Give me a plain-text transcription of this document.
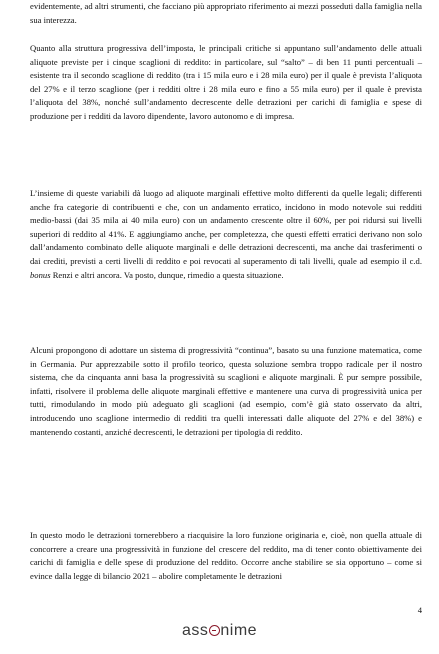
evidentemente, ad altri strumenti, che facciano più appropriato riferimento ai mezzi posseduti dalla famiglia nella sua interezza.

Quanto alla struttura progressiva dell’imposta, le principali critiche si appuntano sull’andamento delle attuali aliquote previste per i cinque scaglioni di reddito: in particolare, sul “salto” – di ben 11 punti percentuali – esistente tra il secondo scaglione di reddito (tra i 15 mila euro e i 28 mila euro) per il quale è prevista l’aliquota del 27% e il terzo scaglione (per i redditi oltre i 28 mila euro e fino a 55 mila euro) per il quale è prevista l’aliquota del 38%, nonché sull’andamento decrescente delle detrazioni per carichi di famiglia e spese di produzione per i redditi da lavoro dipendente, lavoro autonomo e di impresa.

L’insieme di queste variabili dà luogo ad aliquote marginali effettive molto differenti da quelle legali; differenti anche fra categorie di contribuenti e che, con un andamento erratico, incidono in modo notevole sui redditi medio-bassi (dai 35 mila ai 40 mila euro) con un andamento crescente oltre il 60%, per poi ridursi sui livelli superiori di reddito al 41%. E aggiungiamo anche, per completezza, che questi effetti erratici derivano non solo dall’andamento combinato delle aliquote marginali e delle detrazioni decrescenti, ma anche dai trasferimenti o dai crediti, previsti a certi livelli di reddito e poi revocati al superamento di tali livelli, quale ad esempio il c.d. bonus Renzi e altri ancora. Va posto, dunque, rimedio a questa situazione.

Alcuni propongono di adottare un sistema di progressività “continua”, basato su una funzione matematica, come in Germania. Pur apprezzabile sotto il profilo teorico, questa soluzione sembra troppo radicale per il nostro sistema, che da cinquanta anni basa la progressività su scaglioni e aliquote marginali. È pur sempre possibile, infatti, risolvere il problema delle aliquote marginali effettive e mantenere una curva di progressività unica per tutti, rimodulando in modo più adeguato gli scaglioni (ad esempio, com’è già stato osservato da altri, introducendo uno scaglione intermedio di redditi tra quelli interessati dalle aliquote del 27% e del 38%) e mantenendo costanti, anziché decrescenti, le detrazioni per tipologia di reddito.

In questo modo le detrazioni tornerebbero a riacquisire la loro funzione originaria e, cioè, non quella attuale di concorrere a creare una progressività in funzione del crescere del reddito, ma di tener conto obiettivamente dei carichi di famiglia e delle spese di produzione del reddito. Occorre anche stabilire se sia opportuno – come si evince dalla legge di bilancio 2021 – abolire completamente le detrazioni

4
ass nime
